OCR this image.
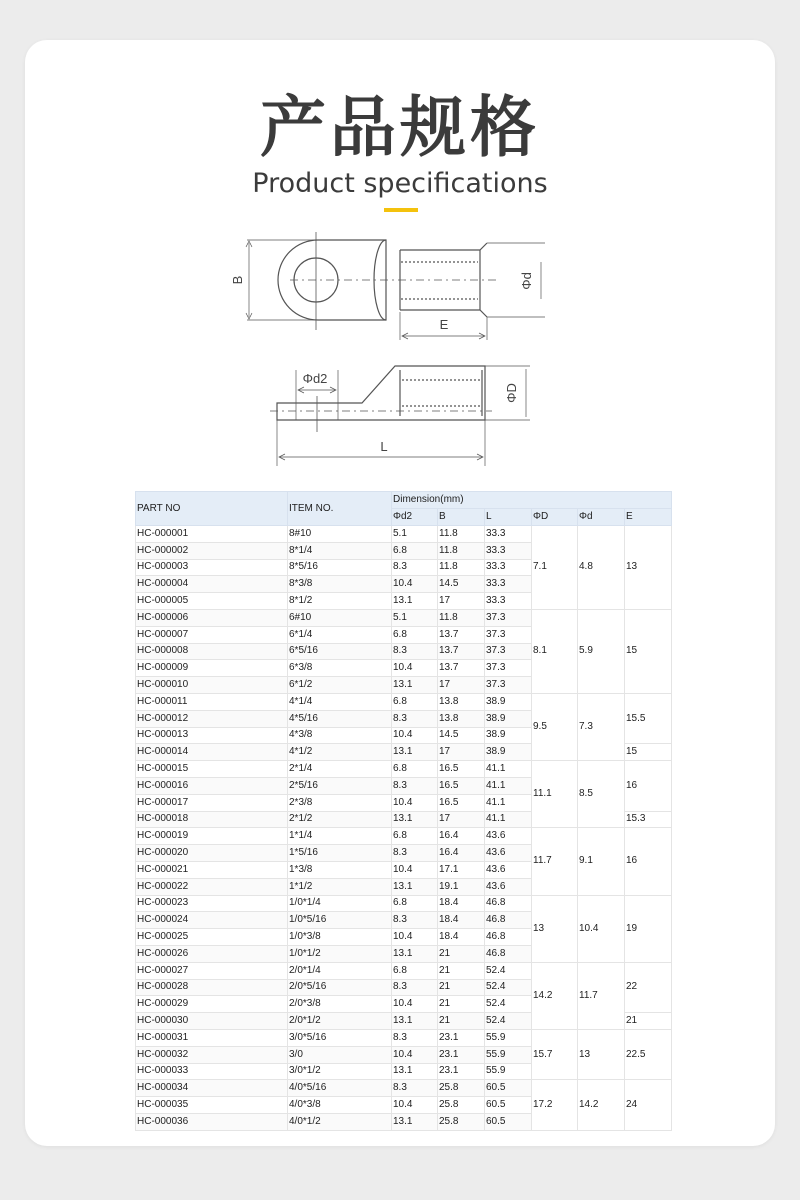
产品规格
Product specifications
B
E
Φd
Φd2
ΦD
L
PART NO	ITEM NO.	Dimension(mm)					
		Φd2	B	L	ΦD	Φd	E
HC-000001	8#10	5.1	11.8	33.3	7.1	4.8	13
HC-000002	8*1/4	6.8	11.8	33.3			
HC-000003	8*5/16	8.3	11.8	33.3			
HC-000004	8*3/8	10.4	14.5	33.3			
HC-000005	8*1/2	13.1	17	33.3			
HC-000006	6#10	5.1	11.8	37.3	8.1	5.9	15
HC-000007	6*1/4	6.8	13.7	37.3			
HC-000008	6*5/16	8.3	13.7	37.3			
HC-000009	6*3/8	10.4	13.7	37.3			
HC-000010	6*1/2	13.1	17	37.3			
HC-000011	4*1/4	6.8	13.8	38.9	9.5	7.3	15.5
HC-000012	4*5/16	8.3	13.8	38.9			
HC-000013	4*3/8	10.4	14.5	38.9			
HC-000014	4*1/2	13.1	17	38.9			15
HC-000015	2*1/4	6.8	16.5	41.1	11.1	8.5	16
HC-000016	2*5/16	8.3	16.5	41.1			
HC-000017	2*3/8	10.4	16.5	41.1			
HC-000018	2*1/2	13.1	17	41.1			15.3
HC-000019	1*1/4	6.8	16.4	43.6	11.7	9.1	16
HC-000020	1*5/16	8.3	16.4	43.6			
HC-000021	1*3/8	10.4	17.1	43.6			
HC-000022	1*1/2	13.1	19.1	43.6			
HC-000023	1/0*1/4	6.8	18.4	46.8	13	10.4	19
HC-000024	1/0*5/16	8.3	18.4	46.8			
HC-000025	1/0*3/8	10.4	18.4	46.8			
HC-000026	1/0*1/2	13.1	21	46.8			
HC-000027	2/0*1/4	6.8	21	52.4	14.2	11.7	22
HC-000028	2/0*5/16	8.3	21	52.4			
HC-000029	2/0*3/8	10.4	21	52.4			
HC-000030	2/0*1/2	13.1	21	52.4			21
HC-000031	3/0*5/16	8.3	23.1	55.9	15.7	13	22.5
HC-000032	3/0	10.4	23.1	55.9			
HC-000033	3/0*1/2	13.1	23.1	55.9			
HC-000034	4/0*5/16	8.3	25.8	60.5	17.2	14.2	24
HC-000035	4/0*3/8	10.4	25.8	60.5			
HC-000036	4/0*1/2	13.1	25.8	60.5			
